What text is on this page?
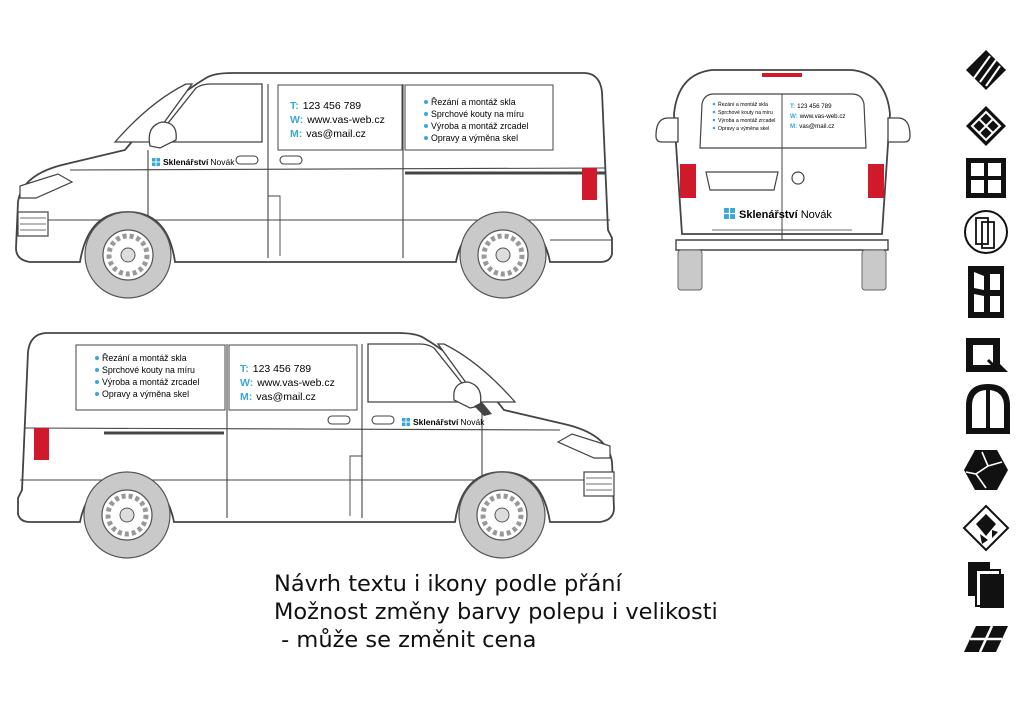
T: 123 456 789
W: www.vas-web.cz
M: vas@mail.cz
Řezání a montáž skla
Sprchové kouty na míru
Výroba a montáž zrcadel
Opravy a výměna skel
Sklenářství Novák
Řezání a montáž skla
Sprchové kouty na míru
Výroba a montáž zrcadel
Opravy a výměna skel
T: 123 456 789
W: www.vas-web.cz
M: vas@mail.cz
Sklenářství Novák
Řezání a montáž skla
Sprchové kouty na míru
Výroba a montáž zrcadel
Opravy a výměna skel
T: 123 456 789
W: www.vas-web.cz
M: vas@mail.cz
Sklenářství Novák
Návrh textu i ikony podle přání
Možnost změny barvy polepu i velikosti
- může se změnit cena
